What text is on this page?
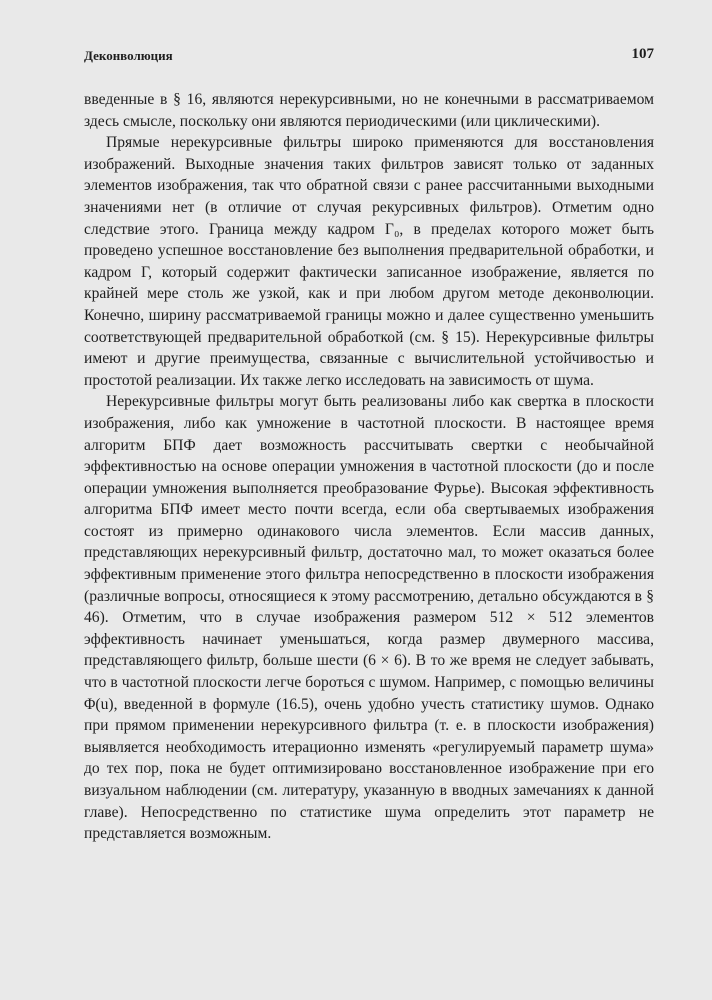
Деконволюция	107

введенные в § 16, являются нерекурсивными, но не конечными в рассматриваемом здесь смысле, поскольку они являются периодическими (или циклическими).

Прямые нерекурсивные фильтры широко применяются для восстановления изображений. Выходные значения таких фильтров зависят только от заданных элементов изображения, так что обратной связи с ранее рассчитанными выходными значениями нет (в отличие от случая рекурсивных фильтров). Отметим одно следствие этого. Граница между кадром Γ₀, в пределах которого может быть проведено успешное восстановление без выполнения предварительной обработки, и кадром Γ, который содержит фактически записанное изображение, является по крайней мере столь же узкой, как и при любом другом методе деконволюции. Конечно, ширину рассматриваемой границы можно и далее существенно уменьшить соответствующей предварительной обработкой (см. § 15). Нерекурсивные фильтры имеют и другие преимущества, связанные с вычислительной устойчивостью и простотой реализации. Их также легко исследовать на зависимость от шума.

Нерекурсивные фильтры могут быть реализованы либо как свертка в плоскости изображения, либо как умножение в частотной плоскости. В настоящее время алгоритм БПФ дает возможность рассчитывать свертки с необычайной эффективностью на основе операции умножения в частотной плоскости (до и после операции умножения выполняется преобразование Фурье). Высокая эффективность алгоритма БПФ имеет место почти всегда, если оба свертываемых изображения состоят из примерно одинакового числа элементов. Если массив данных, представляющих нерекурсивный фильтр, достаточно мал, то может оказаться более эффективным применение этого фильтра непосредственно в плоскости изображения (различные вопросы, относящиеся к этому рассмотрению, детально обсуждаются в § 46). Отметим, что в случае изображения размером 512 × 512 элементов эффективность начинает уменьшаться, когда размер двумерного массива, представляющего фильтр, больше шести (6 × 6). В то же время не следует забывать, что в частотной плоскости легче бороться с шумом. Например, с помощью величины Φ(u), введенной в формуле (16.5), очень удобно учесть статистику шумов. Однако при прямом применении нерекурсивного фильтра (т. е. в плоскости изображения) выявляется необходимость итерационно изменять «регулируемый параметр шума» до тех пор, пока не будет оптимизировано восстановленное изображение при его визуальном наблюдении (см. литературу, указанную в вводных замечаниях к данной главе). Непосредственно по статистике шума определить этот параметр не представляется возможным.
